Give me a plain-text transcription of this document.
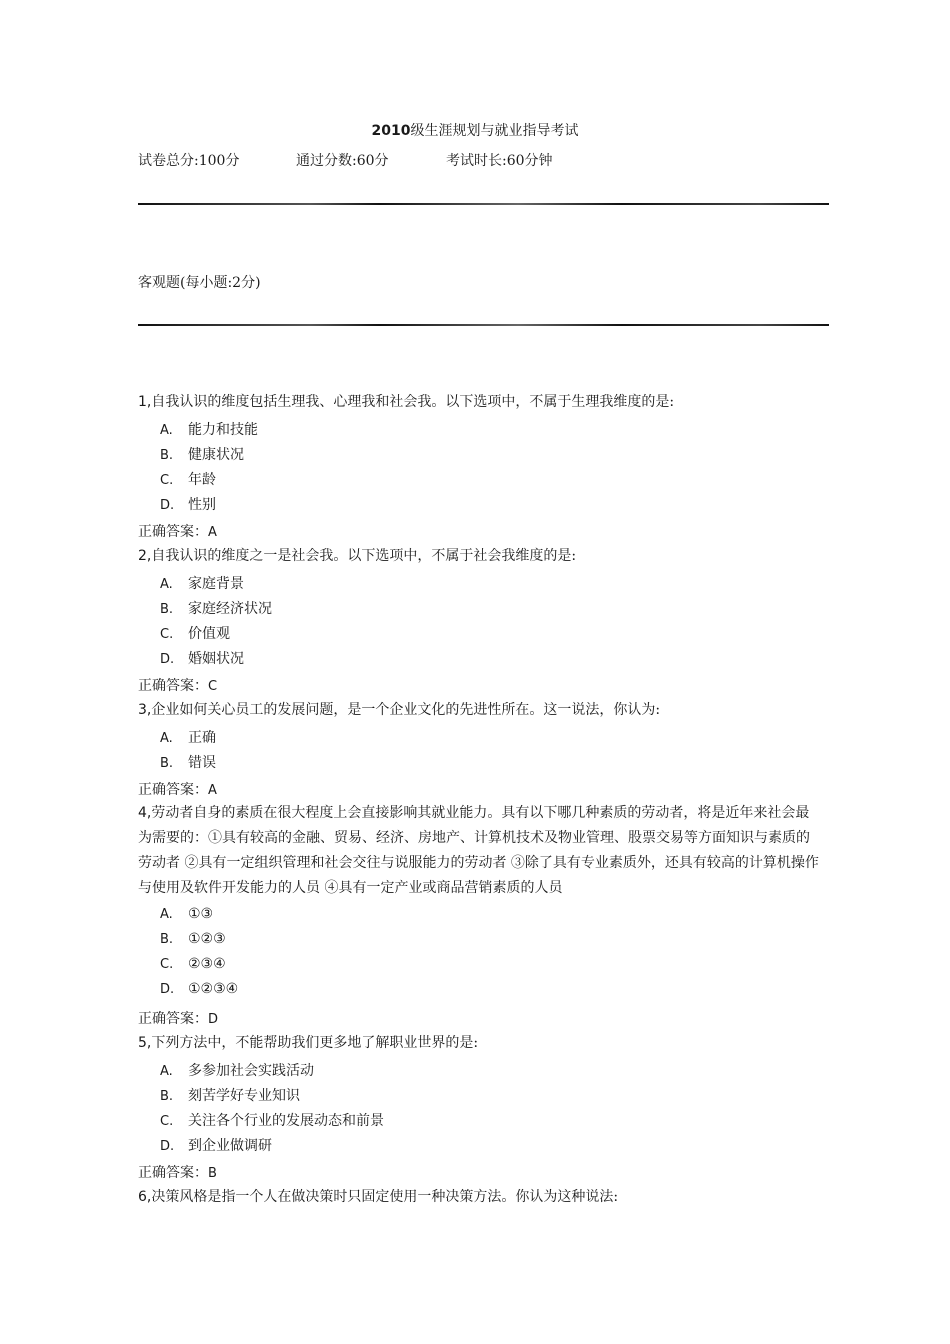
2010级生涯规划与就业指导考试
试卷总分:100分	通过分数:60分	考试时长:60分钟
客观题(每小题:2分)
1,自我认识的维度包括生理我、心理我和社会我。以下选项中，不属于生理我维度的是:
A. 能力和技能
B. 健康状况
C. 年龄
D. 性别
正确答案：A
2,自我认识的维度之一是社会我。以下选项中，不属于社会我维度的是:
A. 家庭背景
B. 家庭经济状况
C. 价值观
D. 婚姻状况
正确答案：C
3,企业如何关心员工的发展问题，是一个企业文化的先进性所在。这一说法，你认为:
A. 正确
B. 错误
正确答案：A
4,劳动者自身的素质在很大程度上会直接影响其就业能力。具有以下哪几种素质的劳动者，将是近年来社会最为需要的：①具有较高的金融、贸易、经济、房地产、计算机技术及物业管理、股票交易等方面知识与素质的劳动者 ②具有一定组织管理和社会交往与说服能力的劳动者 ③除了具有专业素质外，还具有较高的计算机操作与使用及软件开发能力的人员 ④具有一定产业或商品营销素质的人员
A. ①③
B. ①②③
C. ②③④
D. ①②③④
正确答案：D
5,下列方法中，不能帮助我们更多地了解职业世界的是:
A. 多参加社会实践活动
B. 刻苦学好专业知识
C. 关注各个行业的发展动态和前景
D. 到企业做调研
正确答案：B
6,决策风格是指一个人在做决策时只固定使用一种决策方法。你认为这种说法:
